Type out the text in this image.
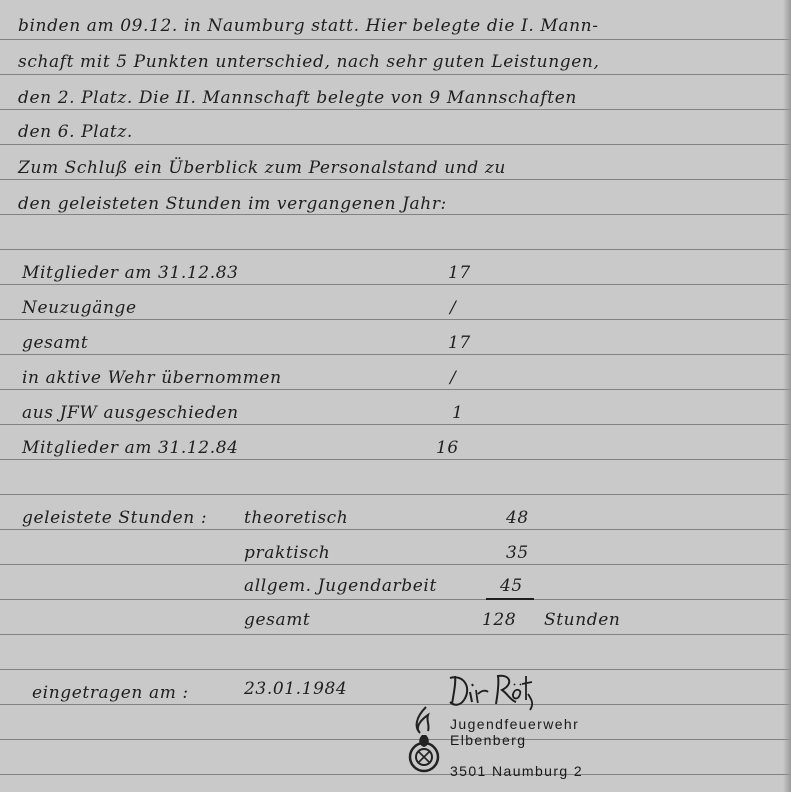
binden am 09.12. in Naumburg statt. Hier belegte die I. Mann-
schaft mit 5 Punkten unterschied, nach sehr guten Leistungen,
den 2. Platz. Die II. Mannschaft belegte von 9 Mannschaften
den 6. Platz.
Zum Schluß ein Überblick zum Personalstand und zu
den geleisteten Stunden im vergangenen Jahr:
Mitglieder am 31.12.83	17
Neuzugänge	/
gesamt	17
in aktive Wehr übernommen	/
aus JFW ausgeschieden	1
Mitglieder am 31.12.84	16
geleistete Stunden : theoretisch	48
praktisch	35
allgem. Jugendarbeit	45
gesamt	128 Stunden
eingetragen am :	23.01.1984
Jugendfeuerwehr
Elbenberg
3501 Naumburg 2
